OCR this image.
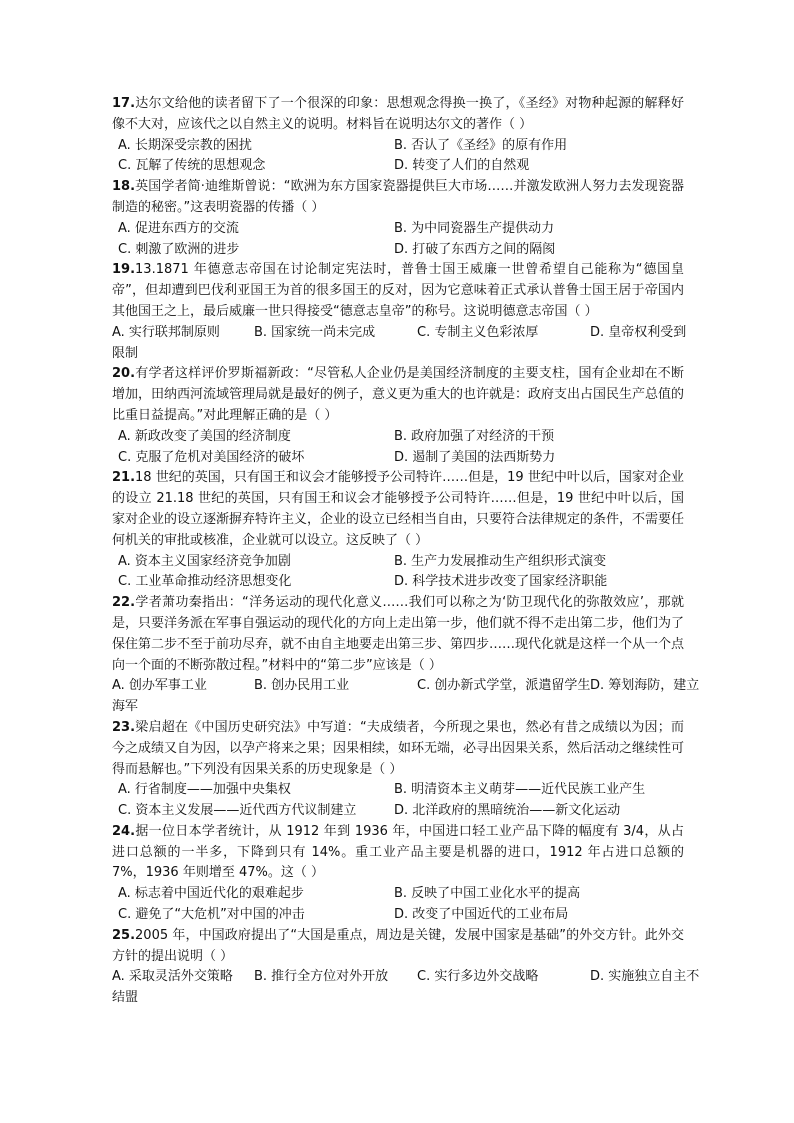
17.达尔文给他的读者留下了一个很深的印象：思想观念得换一换了，《圣经》对物种起源的解释好像不大对，应该代之以自然主义的说明。材料旨在说明达尔文的著作（ ）
A. 长期深受宗教的困扰	B. 否认了《圣经》的原有作用
C. 瓦解了传统的思想观念	D. 转变了人们的自然观
18.英国学者简·迪维斯曾说：“欧洲为东方国家瓷器提供巨大市场……并激发欧洲人努力去发现瓷器制造的秘密。”这表明瓷器的传播（ ）
A. 促进东西方的交流	B. 为中同瓷器生产提供动力
C. 刺激了欧洲的进步	D. 打破了东西方之间的隔阂
19.13.1871 年德意志帝国在讨论制定宪法时，普鲁士国王威廉一世曾希望自己能称为“德国皇帝”，但却遭到巴伐利亚国王为首的很多国王的反对，因为它意味着正式承认普鲁士国王居于帝国内其他国王之上，最后威廉一世只得接受“德意志皇帝”的称号。这说明德意志帝国（ ）
A. 实行联邦制原则	B. 国家统一尚未完成	C. 专制主义色彩浓厚	D. 皇帝权利受到
限制
20.有学者这样评价罗斯福新政：“尽管私人企业仍是美国经济制度的主要支柱，国有企业却在不断增加，田纳西河流域管理局就是最好的例子，意义更为重大的也许就是：政府支出占国民生产总值的比重日益提高。”对此理解正确的是（ ）
A. 新政改变了美国的经济制度	B. 政府加强了对经济的干预
C. 克服了危机对美国经济的破坏	D. 遏制了美国的法西斯势力
21.18 世纪的英国，只有国王和议会才能够授予公司特许……但是，19 世纪中叶以后，国家对企业的设立 21.18 世纪的英国，只有国王和议会才能够授予公司特许……但是，19 世纪中叶以后，国家对企业的设立逐渐摒弃特许主义，企业的设立已经相当自由，只要符合法律规定的条件，不需要任何机关的审批或核准，企业就可以设立。这反映了（ ）
A. 资本主义国家经济竞争加剧	B. 生产力发展推动生产组织形式演变
C. 工业革命推动经济思想变化	D. 科学技术进步改变了国家经济职能
22.学者萧功秦指出：“洋务运动的现代化意义……我们可以称之为‘防卫现代化的弥散效应’，那就是，只要洋务派在军事自强运动的现代化的方向上走出第一步，他们就不得不走出第二步，他们为了保住第二步不至于前功尽弃，就不由自主地要走出第三步、第四步……现代化就是这样一个从一个点向一个面的不断弥散过程。”材料中的“第二步”应该是（ ）
A. 创办军事工业	B. 创办民用工业	C. 创办新式学堂，派遣留学生 D. 筹划海防，建立
海军
23.梁启超在《中国历史研究法》中写道：“夫成绩者，今所现之果也，然必有昔之成绩以为因；而今之成绩又自为因，以孕产将来之果；因果相续，如环无端，必寻出因果关系，然后活动之继续性可得而悬解也。”下列没有因果关系的历史现象是（ ）
A. 行省制度——加强中央集权	B. 明清资本主义萌芽——近代民族工业产生
C. 资本主义发展——近代西方代议制建立	D. 北洋政府的黑暗统治——新文化运动
24.据一位日本学者统计，从 1912 年到 1936 年，中国进口轻工业产品下降的幅度有 3/4，从占进口总额的一半多，下降到只有 14%。重工业产品主要是机器的进口，1912 年占进口总额的 7%，1936 年则增至 47%。这（ ）
A. 标志着中国近代化的艰难起步	B. 反映了中国工业化水平的提高
C. 避免了“大危机”对中国的冲击	D. 改变了中国近代的工业布局
25.2005 年，中国政府提出了“大国是重点，周边是关键，发展中国家是基础”的外交方针。此外交方针的提出说明（ ）
A. 采取灵活外交策略	B. 推行全方位对外开放	C. 实行多边外交战略	D. 实施独立自主不
结盟
